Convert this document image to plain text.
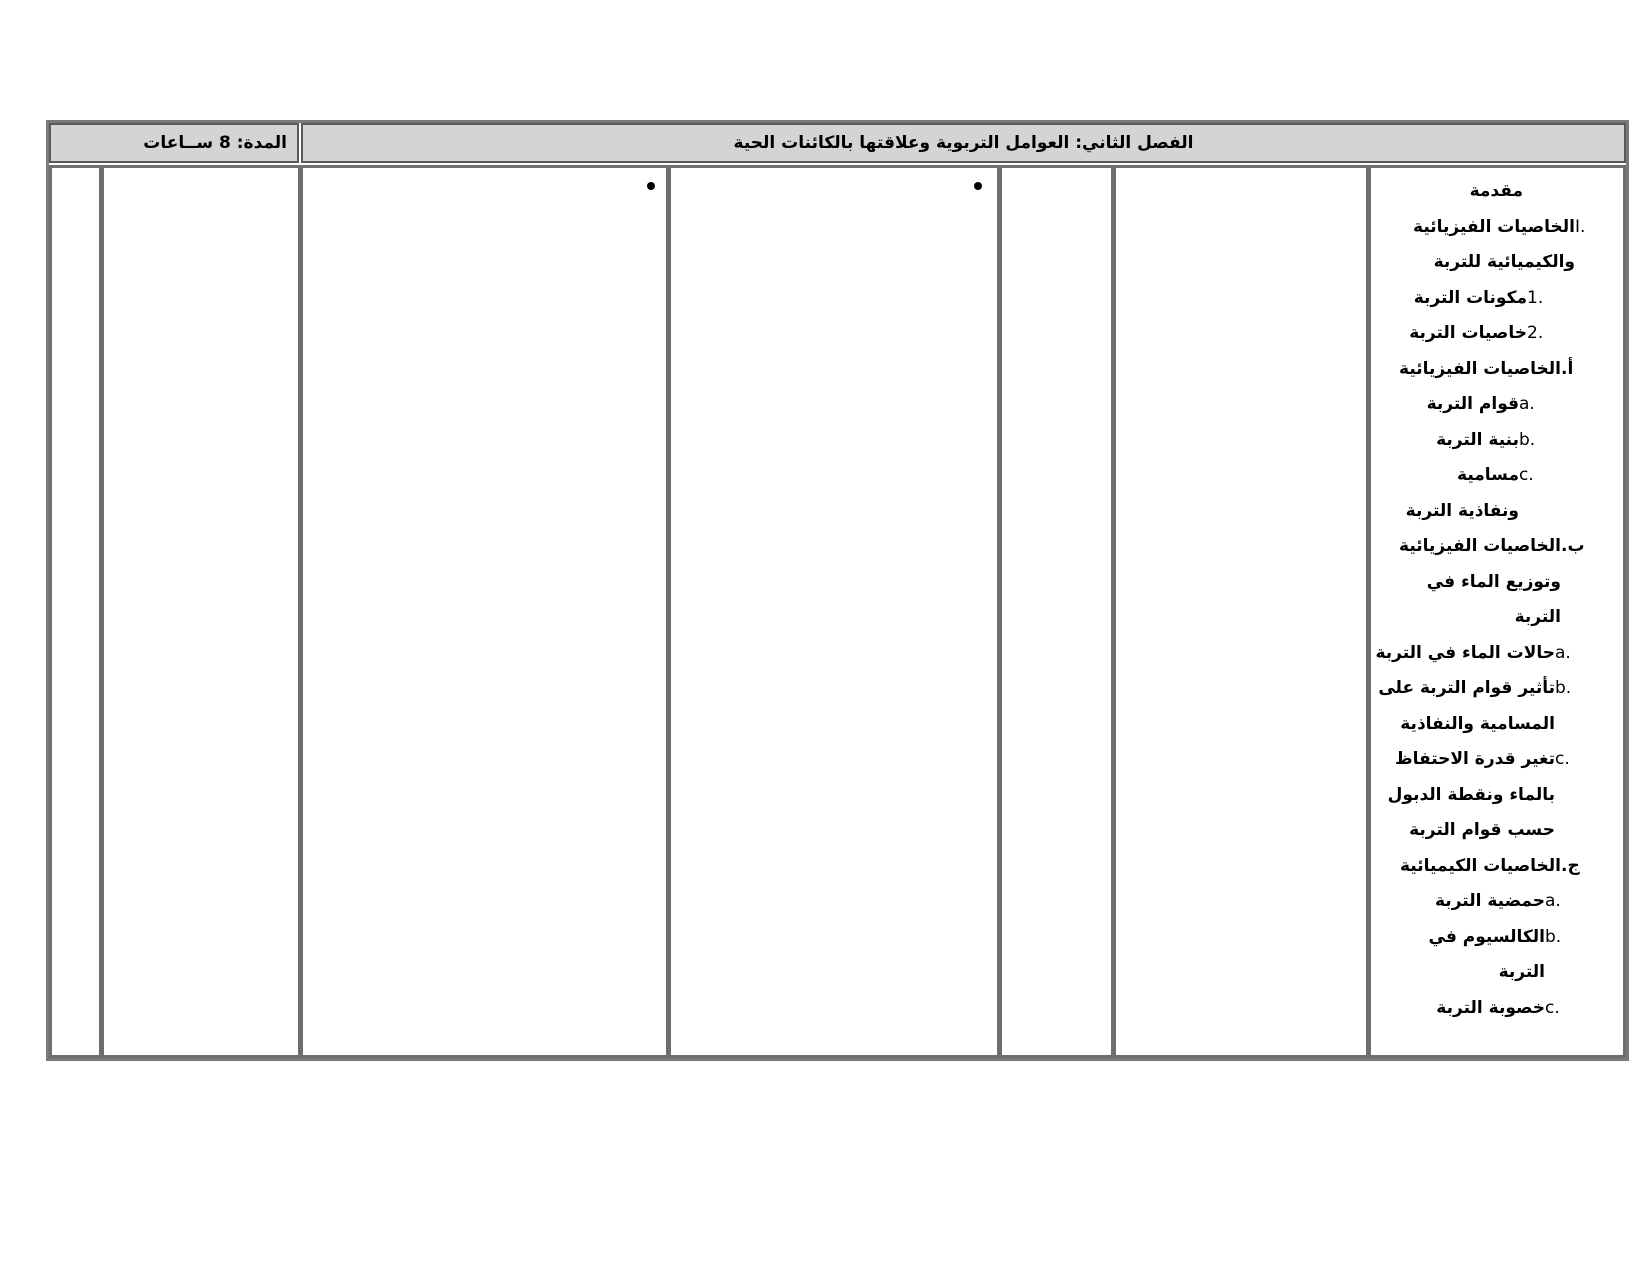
الفصل الثاني: العوامل التربوية وعلاقتها بالكائنات الحية
المدة: 8 ســاعات
مقدمة
I.
الخاصيات الفيزيائية
والكيميائية للتربة
1.
مكونات التربة
2.
خاصيات التربة
أ.
الخاصيات الفيزيائية
a.
قوام التربة
b.
بنية التربة
c.
مسامية
ونفاذية التربة
ب.
الخاصيات الفيزيائية
وتوزيع الماء في
التربة
a.
حالات الماء في التربة
b.
تأثير قوام التربة على
المسامية والنفاذية
c.
تغير قدرة الاحتفاظ
بالماء ونقطة الدبول
حسب قوام التربة
ج.
الخاصيات الكيميائية
a.
حمضية التربة
b.
الكالسيوم في
التربة
c.
خصوبة التربة
